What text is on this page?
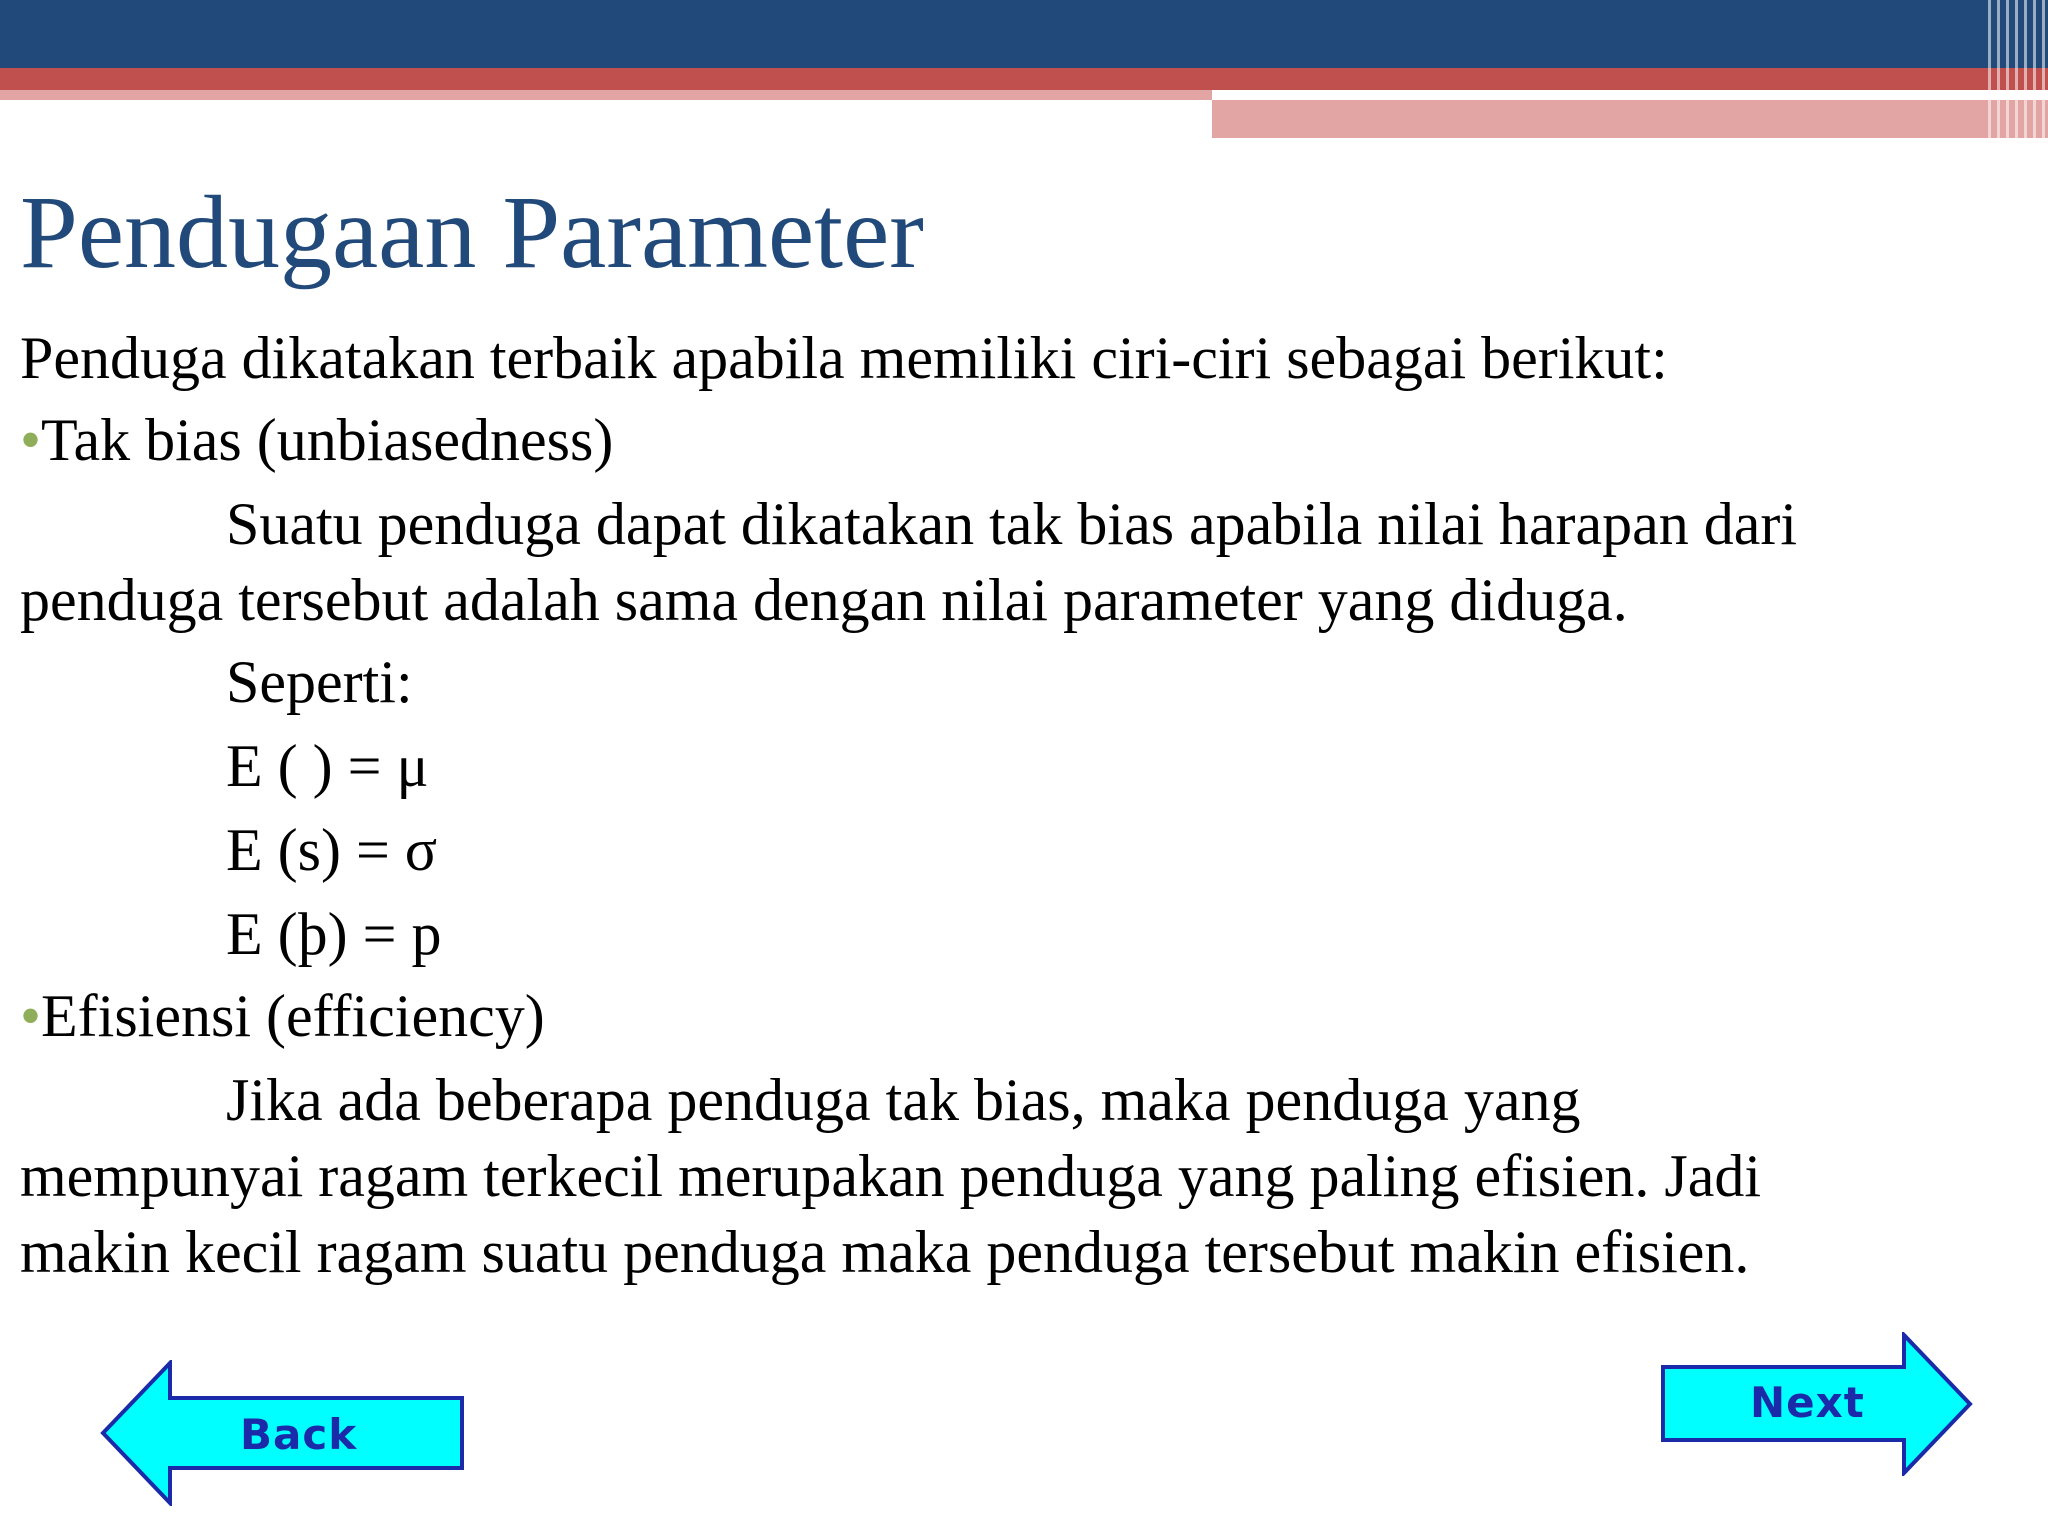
Pendugaan Parameter
Penduga dikatakan terbaik apabila memiliki ciri-ciri sebagai berikut:
•Tak bias (unbiasedness)
Suatu penduga dapat dikatakan tak bias apabila nilai harapan dari
penduga tersebut adalah sama dengan nilai parameter yang diduga.
Seperti:
E ( ) = μ
E (s) = σ
E (þ) = p
•Efisiensi (efficiency)
Jika ada beberapa penduga tak bias, maka penduga yang
mempunyai ragam terkecil merupakan penduga yang paling efisien. Jadi
makin kecil ragam suatu penduga maka penduga tersebut makin efisien.
Back
Next
